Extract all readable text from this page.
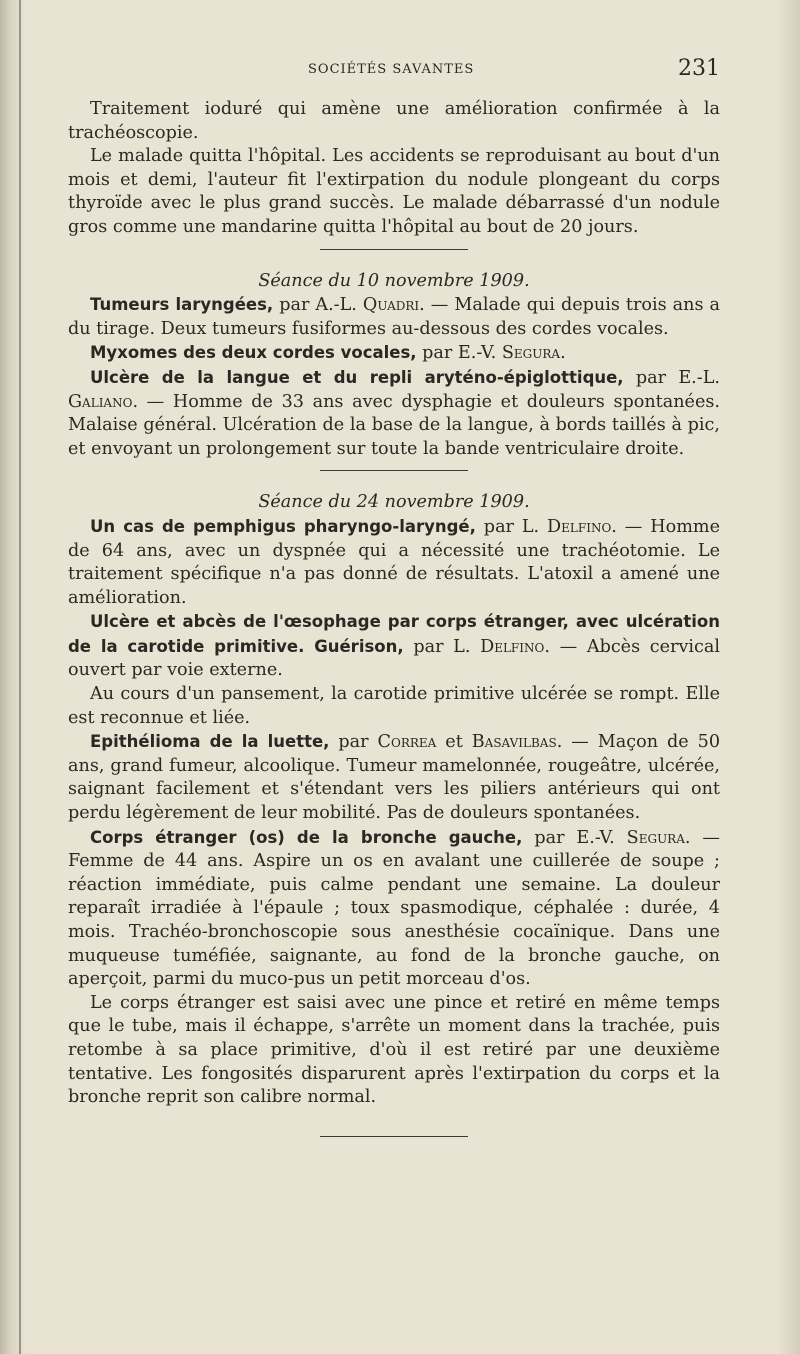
SOCIÉTÉS SAVANTES	231

Traitement ioduré qui amène une amélioration confirmée à la trachéoscopie.

Le malade quitta l'hôpital. Les accidents se reproduisant au bout d'un mois et demi, l'auteur fit l'extirpation du nodule plongeant du corps thyroïde avec le plus grand succès. Le malade débarrassé d'un nodule gros comme une mandarine quitta l'hôpital au bout de 20 jours.

Séance du 10 novembre 1909.

Tumeurs laryngées, par A.-L. Quadri. — Malade qui depuis trois ans a du tirage. Deux tumeurs fusiformes au-dessous des cordes vocales.

Myxomes des deux cordes vocales, par E.-V. Segura.

Ulcère de la langue et du repli aryténo-épiglottique, par E.-L. Galiano. — Homme de 33 ans avec dysphagie et douleurs spontanées. Malaise général. Ulcération de la base de la langue, à bords taillés à pic, et envoyant un prolongement sur toute la bande ventriculaire droite.

Séance du 24 novembre 1909.

Un cas de pemphigus pharyngo-laryngé, par L. Delfino. — Homme de 64 ans, avec un dyspnée qui a nécessité une trachéotomie. Le traitement spécifique n'a pas donné de résultats. L'atoxil a amené une amélioration.

Ulcère et abcès de l'œsophage par corps étranger, avec ulcération de la carotide primitive. Guérison, par L. Delfino. — Abcès cervical ouvert par voie externe.

Au cours d'un pansement, la carotide primitive ulcérée se rompt. Elle est reconnue et liée.

Epithélioma de la luette, par Correa et Basavilbas. — Maçon de 50 ans, grand fumeur, alcoolique. Tumeur mamelonnée, rougeâtre, ulcérée, saignant facilement et s'étendant vers les piliers antérieurs qui ont perdu légèrement de leur mobilité. Pas de douleurs spontanées.

Corps étranger (os) de la bronche gauche, par E.-V. Segura. — Femme de 44 ans. Aspire un os en avalant une cuillerée de soupe ; réaction immédiate, puis calme pendant une semaine. La douleur reparaît irradiée à l'épaule ; toux spasmodique, céphalée : durée, 4 mois. Trachéo-bronchoscopie sous anesthésie cocaïnique. Dans une muqueuse tuméfiée, saignante, au fond de la bronche gauche, on aperçoit, parmi du muco-pus un petit morceau d'os.

Le corps étranger est saisi avec une pince et retiré en même temps que le tube, mais il échappe, s'arrête un moment dans la trachée, puis retombe à sa place primitive, d'où il est retiré par une deuxième tentative. Les fongosités disparurent après l'extirpation du corps et la bronche reprit son calibre normal.
